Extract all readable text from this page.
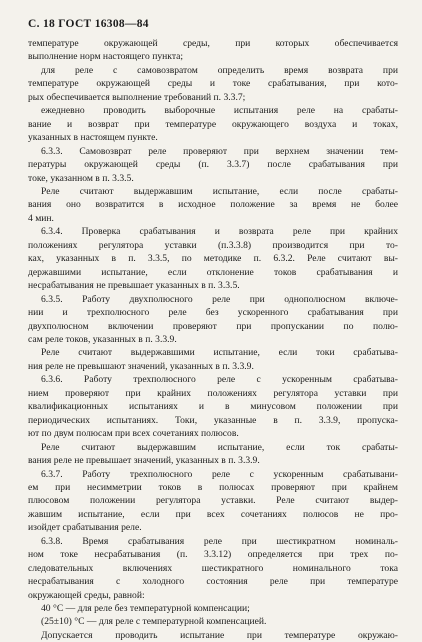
С. 18 ГОСТ 16308—84
температуре окружающей среды, при которых обеспечивается
выполнение норм настоящего пункта;
для реле с самовозвратом определить время возврата при
температуре окружающей среды и токе срабатывания, при кото-
рых обеспечивается выполнение требований п. 3.3.7;
ежедневно проводить выборочные испытания реле на срабаты-
вание и возврат при температуре окружающего воздуха и токах,
указанных в настоящем пункте.
6.3.3. Самовозврат реле проверяют при верхнем значении тем-
пературы окружающей среды (п. 3.3.7) после срабатывания при
токе, указанном в п. 3.3.5.
Реле считают выдержавшим испытание, если после срабаты-
вания оно возвратится в исходное положение за время не более
4 мин.
6.3.4. Проверка срабатывания и возврата реле при крайних
положениях регулятора уставки (п.3.3.8) производится при то-
ках, указанных в п. 3.3.5, по методике п. 6.3.2. Реле считают вы-
державшими испытание, если отклонение токов срабатывания и
несрабатывания не превышает указанных в п. 3.3.5.
6.3.5. Работу двухполюсного реле при однополюсном включе-
нии и трехполюсного реле без ускоренного срабатывания при
двухполюсном включении проверяют при пропускании по полю-
сам реле токов, указанных в п. 3.3.9.
Реле считают выдержавшими испытание, если токи срабатыва-
ния реле не превышают значений, указанных в п. 3.3.9.
6.3.6. Работу трехполюсного реле с ускоренным срабатыва-
нием проверяют при крайних положениях регулятора уставки при
квалификационных испытаниях и в минусовом положении при
периодических испытаниях. Токи, указанные в п. 3.3.9, пропуска-
ют по двум полюсам при всех сочетаниях полюсов.
Реле считают выдержавшим испытание, если ток срабаты-
вания реле не превышает значений, указанных в п. 3.3.9.
6.3.7. Работу трехполюсного реле с ускоренным срабатывани-
ем при несимметрии токов в полюсах проверяют при крайнем
плюсовом положении регулятора уставки. Реле считают выдер-
жавшим испытание, если при всех сочетаниях полюсов не про-
изойдет срабатывания реле.
6.3.8. Время срабатывания реле при шестикратном номиналь-
ном токе несрабатывания (п. 3.3.12) определяется при трех по-
следовательных включениях шестикратного номинального тока
несрабатывания с холодного состояния реле при температуре
окружающей среды, равной:
40 °С — для реле без температурной компенсации;
(25±10) °С — для реле с температурной компенсацией.
Допускается проводить испытание при температуре окружаю-
